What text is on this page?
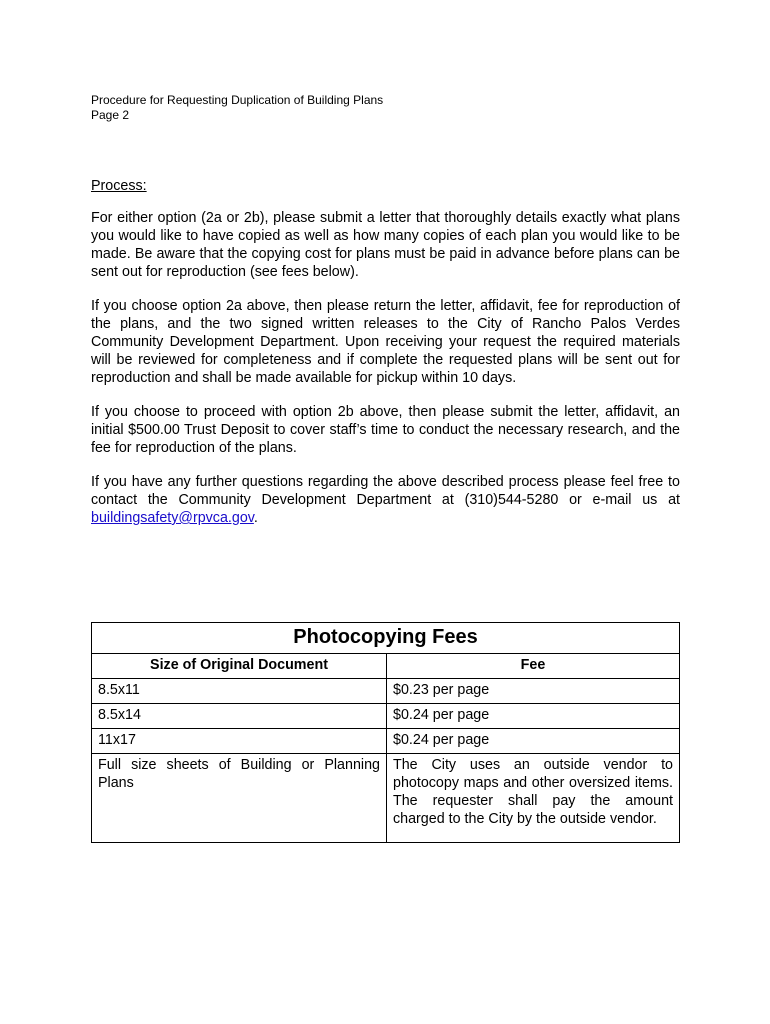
Procedure for Requesting Duplication of Building Plans
Page 2
Process:

For either option (2a or 2b), please submit a letter that thoroughly details exactly what plans you would like to have copied as well as how many copies of each plan you would like to be made. Be aware that the copying cost for plans must be paid in advance before plans can be sent out for reproduction (see fees below).

If you choose option 2a above, then please return the letter, affidavit, fee for reproduction of the plans, and the two signed written releases to the City of Rancho Palos Verdes Community Development Department. Upon receiving your request the required materials will be reviewed for completeness and if complete the requested plans will be sent out for reproduction and shall be made available for pickup within 10 days.

If you choose to proceed with option 2b above, then please submit the letter, affidavit, an initial $500.00 Trust Deposit to cover staff’s time to conduct the necessary research, and the fee for reproduction of the plans.

If you have any further questions regarding the above described process please feel free to contact the Community Development Department at (310)544-5280 or e-mail us at buildingsafety@rpvca.gov.

Photocopying Fees	
Size of Original Document	Fee
8.5x11	$0.23 per page
8.5x14	$0.24 per page
11x17	$0.24 per page
Full size sheets of Building or Planning Plans	The City uses an outside vendor to photocopy maps and other oversized items. The requester shall pay the amount charged to the City by the outside vendor.
